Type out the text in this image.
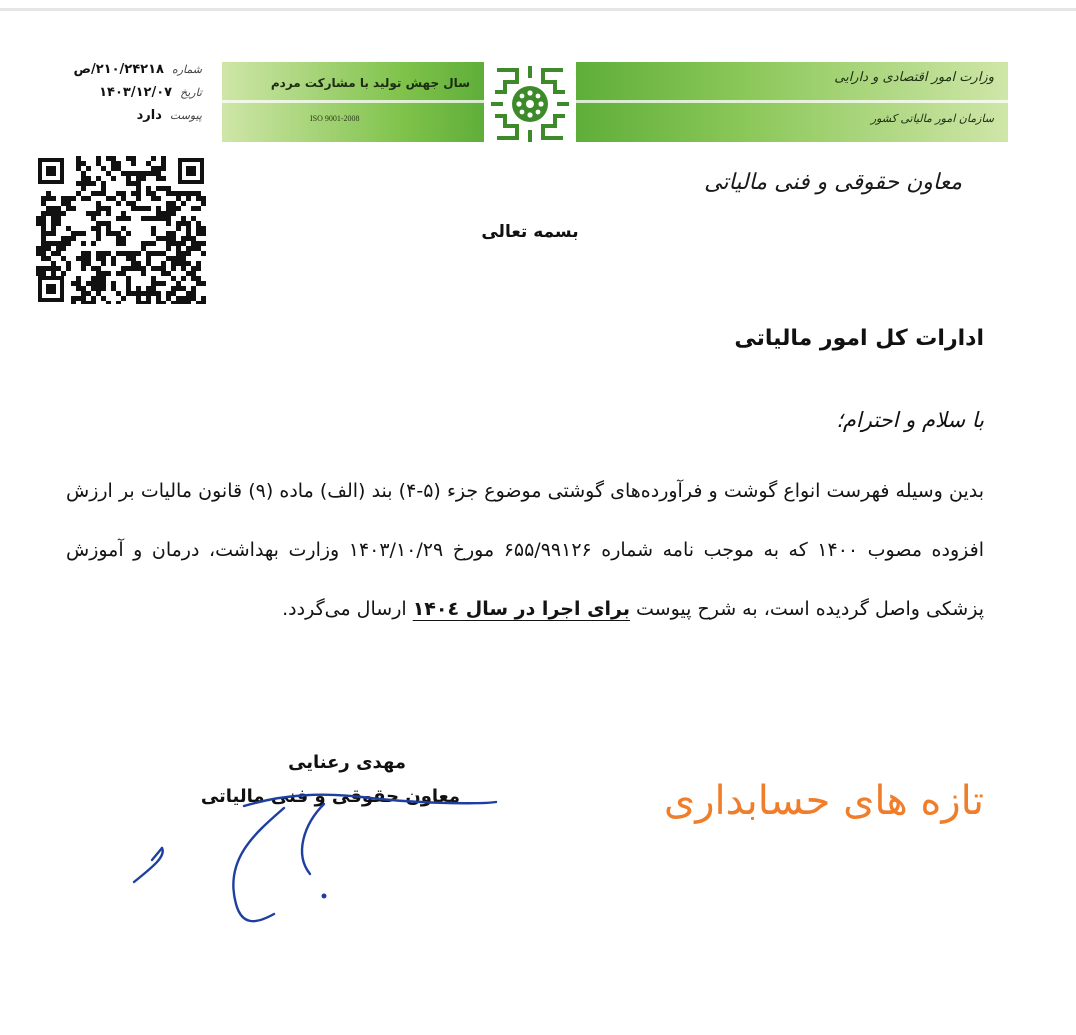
سال جهش تولید با مشارکت مردم
ISO 9001-2008
وزارت امور اقتصادی و دارایی
سازمان امور مالیاتی کشور
شماره
۲۱۰/۲۴۲۱۸/ص
تاریخ
۱۴۰۳/۱۲/۰۷
پیوست
دارد
معاون حقوقی و فنی مالیاتی
بسمه تعالی
ادارات کل امور مالیاتی
با سلام و احترام؛
بدین وسیله فهرست انواع گوشت و فرآورده‌های گوشتی موضوع جزء (۵-۴) بند (الف) ماده (۹) قانون مالیات بر ارزش افزوده مصوب ۱۴۰۰ که به موجب نامه شماره ۶۵۵/۹۹۱۲۶ مورخ ۱۴۰۳/۱۰/۲۹ وزارت بهداشت، درمان و آموزش پزشکی واصل گردیده است، به شرح پیوست برای اجرا در سال ۱۴۰٤ ارسال می‌گردد.
مهدی رعنایی
معاون حقوقی و فنی مالیاتی	تازه های حسابداری
